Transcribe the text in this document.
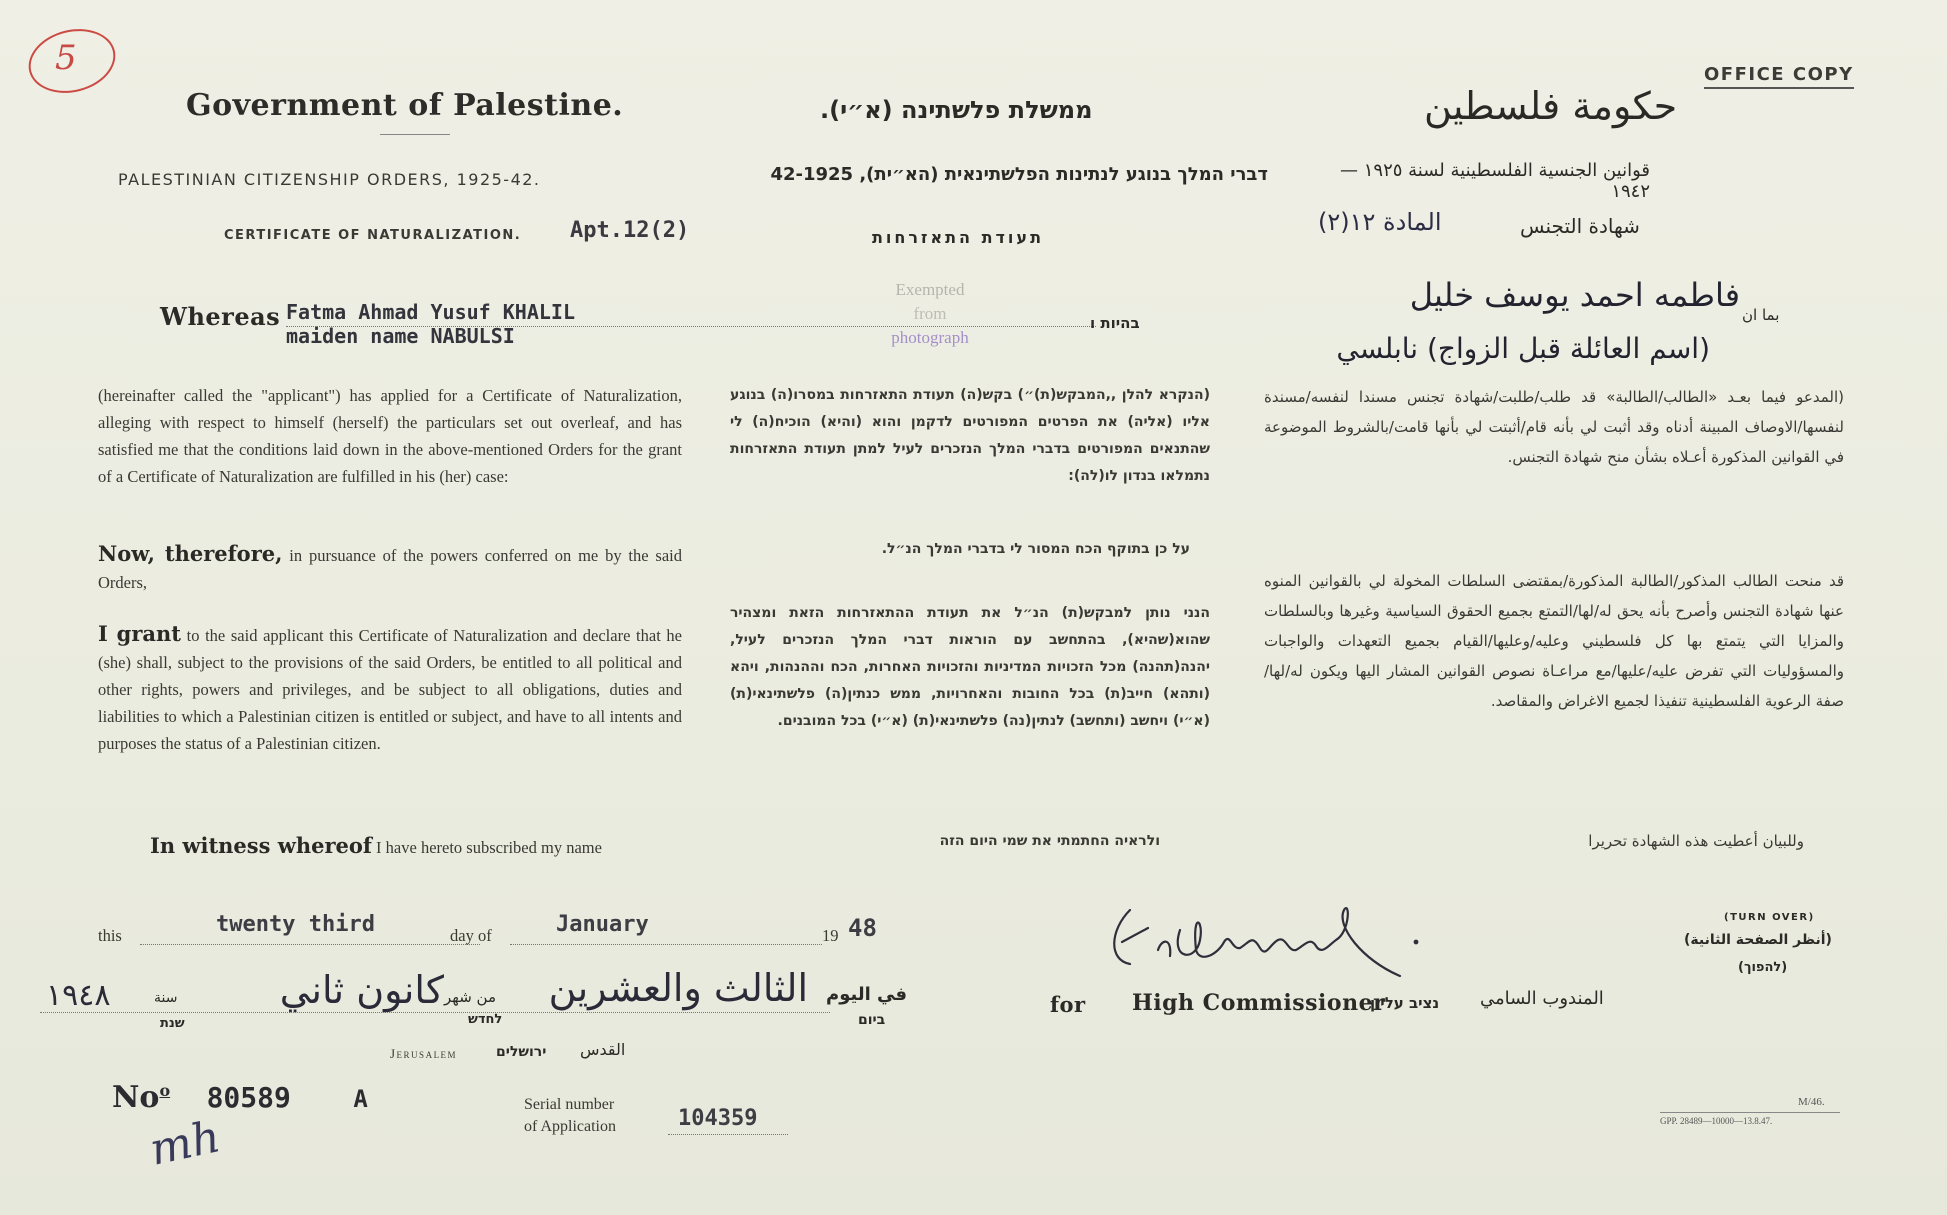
5	OFFICE COPY
Government of Palestine.	ממשלת פלשתינה (א״י).	حكومة فلسطين
PALESTINIAN CITIZENSHIP ORDERS, 1925-42.	דברי המלך בנוגע לנתינות הפלשתינאית (הא״ית), 42-1925	قوانين الجنسية الفلسطينية لسنة ١٩٢٥ — ١٩٤٢
CERTIFICATE OF NATURALIZATION. Apt.12(2)	תעודת התאזרחות	شهادة التجنس
المادة ١٢(٢)
Exempted
from
photograph
Whereas Fatma Ahmad Yusuf KHALIL
maiden name NABULSI
בהיות ו	بما ان
فاطمه احمد يوسف خليل
(اسم العائلة قبل الزواج) نابلسي
(hereinafter called the "applicant") has applied for a Certificate of Naturalization, alleging with respect to himself (herself) the particulars set out overleaf, and has satisfied me that the conditions laid down in the above-mentioned Orders for the grant of a Certificate of Naturalization are fulfilled in his (her) case:
Now, therefore, in pursuance of the powers conferred on me by the said Orders,
I grant to the said applicant this Certificate of Naturalization and declare that he (she) shall, subject to the provisions of the said Orders, be entitled to all political and other rights, powers and privileges, and be subject to all obligations, duties and liabilities to which a Palestinian citizen is entitled or subject, and have to all intents and purposes the status of a Palestinian citizen.
In witness whereof I have hereto subscribed my name
(הנקרא להלן ,,המבקש(ת)״) בקש(ה) תעודת התאזרחות במסרו(ה) בנוגע אליו (אליה) את הפרטים המפורטים לדקמן והוא (והיא) הוכיח(ה) לי שהתנאים המפורטים בדברי המלך הנזכרים לעיל למתן תעודת התאזרחות נתמלאו בנדון לו(לה):
על כן בתוקף הכח המסור לי בדברי המלך הנ״ל.
הנני נותן למבקש(ת) הנ״ל את תעודת ההתאזרחות הזאת ומצהיר שהוא(שהיא), בהתחשב עם הוראות דברי המלך הנזכרים לעיל, יהנה(תהנה) מכל הזכויות המדיניות והזכויות האחרות, הכח וההנהות, ויהא (ותהא) חייב(ת) בכל החובות והאחרויות, ממש כנתין(ה) פלשתינאי(ת) (א״י) ויחשב (ותחשב) לנתין(נה) פלשתינאי(ת) (א״י) בכל המובנים.
ולראיה החתמתי את שמי היום הזה
(المدعو فيما بعـد «الطالب/الطالبة» قد طلب/طلبت/شهادة تجنس مسندا لنفسه/مسندة لنفسها/الاوصاف المبينة أدناه وقد أثبت لي بأنه قام/أثبتت لي بأنها قامت/بالشروط الموضوعة في القوانين المذكورة أعـلاه بشأن منح شهادة التجنس.
قد منحت الطالب المذكور/الطالبة المذكورة/بمقتضى السلطات المخولة لي بالقوانين المنوه عنها شهادة التجنس وأصرح بأنه يحق له/لها/التمتع بجميع الحقوق السياسية وغيرها وبالسلطات والمزايا التي يتمتع بها كل فلسطيني وعليه/وعليها/القيام بجميع التعهدات والواجبات والمسؤوليات التي تفرض عليه/عليها/مع مراعـاة نصوص القوانين المشار اليها ويكون له/لها/صفة الرعوية الفلسطينية تنفيذا لجميع الاغراض والمقاصد.
وللبيان أعطيت هذه الشهادة تحريرا
this	twenty third	day of	January	19 48
في اليوم
ביום
الثالث والعشرين
من شهر
לחדש
كانون ثاني
سنة
שנת
١٩٤٨
Jerusalem	ירושלים القدس
for High Commissioner
נציב עליון المندوب السامي
(TURN OVER)
(أنظر الصفحة الثانية)
(להפוך)
No$^o$ 80589	A
mh
Serial number
of Application	104359
M/46.
GPP. 28489—10000—13.8.47.
